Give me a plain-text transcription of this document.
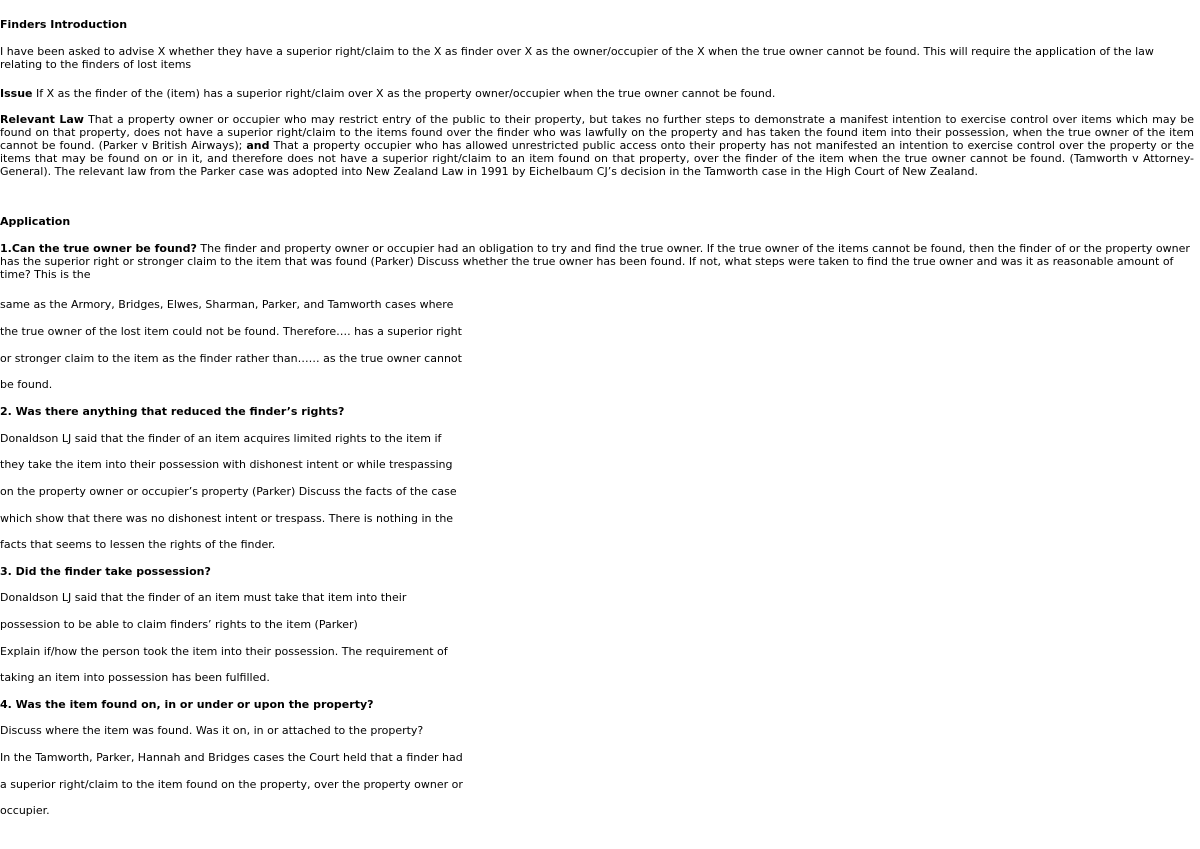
Finders Introduction
I have been asked to advise X whether they have a superior right/claim to the X as finder over X as the owner/occupier of the X when the true owner cannot be found. This will require the application of the law relating to the finders of lost items
Issue If X as the finder of the (item) has a superior right/claim over X as the property owner/occupier when the true owner cannot be found.
Relevant Law That a property owner or occupier who may restrict entry of the public to their property, but takes no further steps to demonstrate a manifest intention to exercise control over items which may be found on that property, does not have a superior right/claim to the items found over the finder who was lawfully on the property and has taken the found item into their possession, when the true owner of the item cannot be found. (Parker v British Airways); and That a property occupier who has allowed unrestricted public access onto their property has not manifested an intention to exercise control over the property or the items that may be found on or in it, and therefore does not have a superior right/claim to an item found on that property, over the finder of the item when the true owner cannot be found. (Tamworth v Attorney-General). The relevant law from the Parker case was adopted into New Zealand Law in 1991 by Eichelbaum CJ’s decision in the Tamworth case in the High Court of New Zealand.
Application
1.Can the true owner be found? The finder and property owner or occupier had an obligation to try and find the true owner. If the true owner of the items cannot be found, then the finder of or the property owner has the superior right or stronger claim to the item that was found (Parker) Discuss whether the true owner has been found. If not, what steps were taken to find the true owner and was it as reasonable amount of time? This is the
same as the Armory, Bridges, Elwes, Sharman, Parker, and Tamworth cases where
the true owner of the lost item could not be found. Therefore…. has a superior right
or stronger claim to the item as the finder rather than…… as the true owner cannot
be found.
2. Was there anything that reduced the finder’s rights?
Donaldson LJ said that the finder of an item acquires limited rights to the item if
they take the item into their possession with dishonest intent or while trespassing
on the property owner or occupier’s property (Parker) Discuss the facts of the case
which show that there was no dishonest intent or trespass. There is nothing in the
facts that seems to lessen the rights of the finder.
3. Did the finder take possession?
Donaldson LJ said that the finder of an item must take that item into their
possession to be able to claim finders’ rights to the item (Parker)
Explain if/how the person took the item into their possession. The requirement of
taking an item into possession has been fulfilled.
4. Was the item found on, in or under or upon the property?
Discuss where the item was found. Was it on, in or attached to the property?
In the Tamworth, Parker, Hannah and Bridges cases the Court held that a finder had
a superior right/claim to the item found on the property, over the property owner or
occupier.
